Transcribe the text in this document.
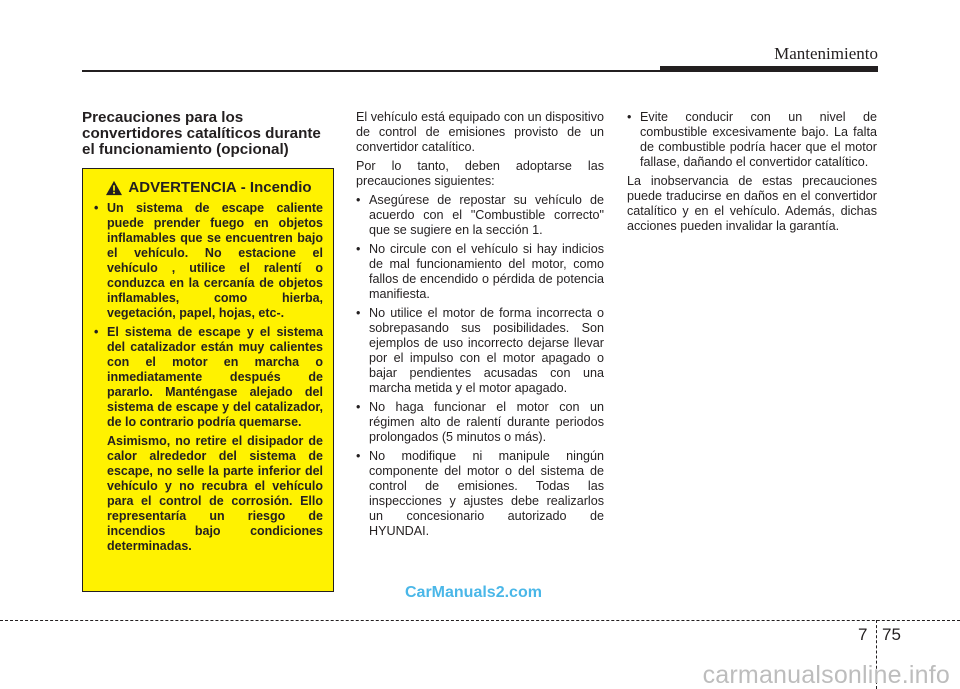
Mantenimiento
Precauciones para los convertidores catalíticos durante el funcionamiento (opcional)
ADVERTENCIA - Incendio
• Un sistema de escape caliente puede prender fuego en objetos inflamables que se encuentren bajo el vehículo. No estacione el vehículo , utilice el ralentí o conduzca en la cercanía de objetos inflamables, como hierba, vegetación, papel, hojas, etc-.
• El sistema de escape y el sistema del catalizador están muy calientes con el motor en marcha o inmediatamente después de pararlo. Manténgase alejado del sistema de escape y del catalizador, de lo contrario podría quemarse.

Asimismo, no retire el disipador de calor alrededor del sistema de escape, no selle la parte inferior del vehículo y no recubra el vehículo para el control de corrosión. Ello representaría un riesgo de incendios bajo condiciones determinadas.

El vehículo está equipado con un dispositivo de control de emisiones provisto de un convertidor catalítico.

Por lo tanto, deben adoptarse las precauciones siguientes:

• Asegúrese de repostar su vehículo de acuerdo con el "Combustible correcto" que se sugiere en la sección 1.
• No circule con el vehículo si hay indicios de mal funcionamiento del motor, como fallos de encendido o pérdida de potencia manifiesta.
• No utilice el motor de forma incorrecta o sobrepasando sus posibilidades. Son ejemplos de uso incorrecto dejarse llevar por el impulso con el motor apagado o bajar pendientes acusadas con una marcha metida y el motor apagado.
• No haga funcionar el motor con un régimen alto de ralentí durante periodos prolongados (5 minutos o más).
• No modifique ni manipule ningún componente del motor o del sistema de control de emisiones. Todas las inspecciones y ajustes debe realizarlos un concesionario autorizado de HYUNDAI.
• Evite conducir con un nivel de combustible excesivamente bajo. La falta de combustible podría hacer que el motor fallase, dañando el convertidor catalítico.

La inobservancia de estas precauciones puede traducirse en daños en el convertidor catalítico y en el vehículo. Además, dichas acciones pueden invalidar la garantía.

CarManuals2.com
7 75
carmanualsonline.info
